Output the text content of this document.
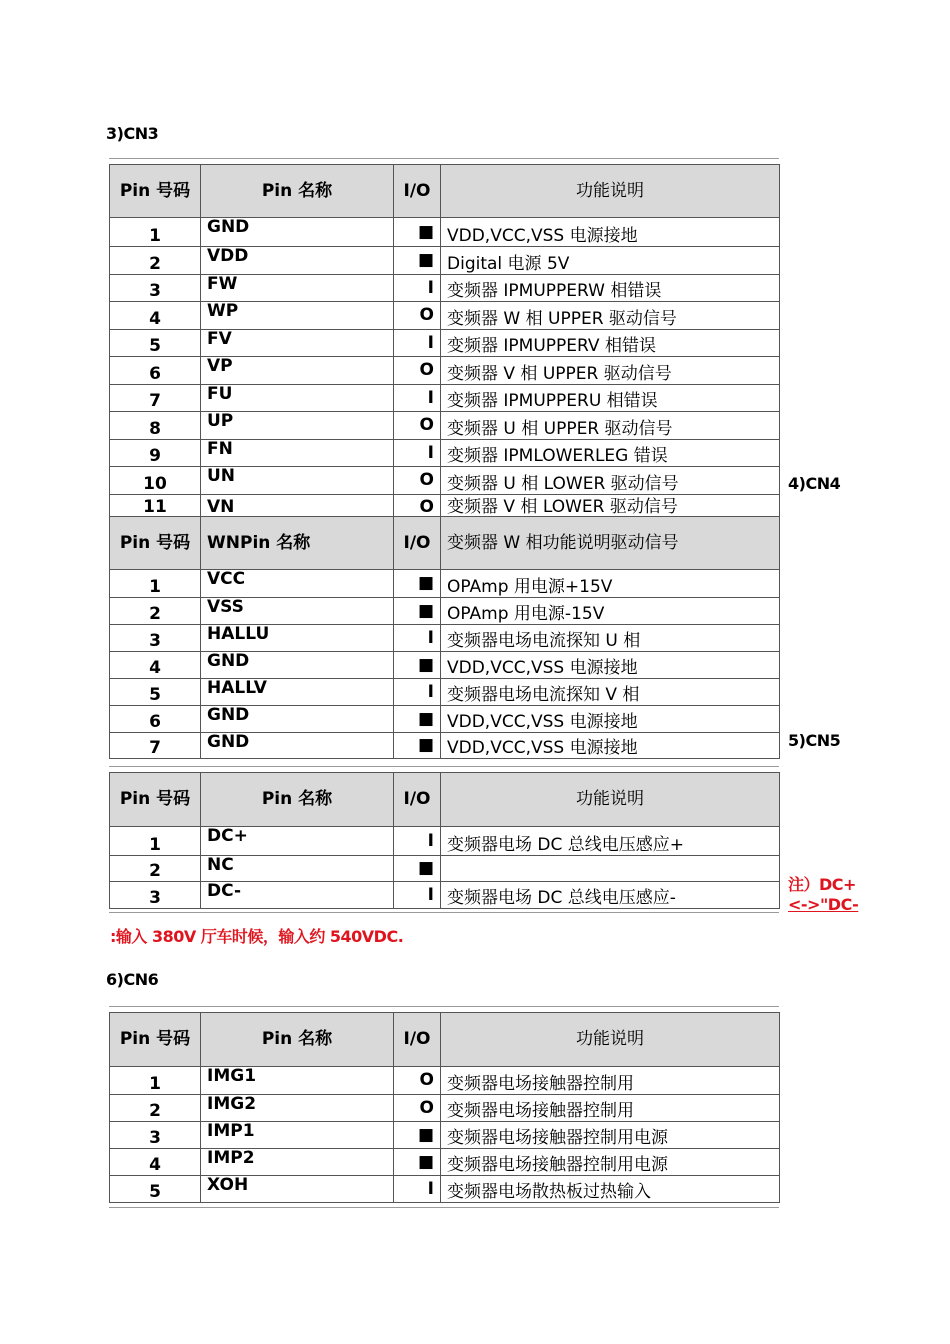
3)CN3
4)CN4
5)CN5
6)CN6
Pin 号码	Pin 名称	I/O	功能说明
1	GND	■	VDD,VCC,VSS 电源接地
2	VDD	■	Digital 电源 5V
3	FW	I	变频器 IPMUPPERW 相错误
4	WP	O	变频器 W 相 UPPER 驱动信号
5	FV	I	变频器 IPMUPPERV 相错误
6	VP	O	变频器 V 相 UPPER 驱动信号
7	FU	I	变频器 IPMUPPERU 相错误
8	UP	O	变频器 U 相 UPPER 驱动信号
9	FN	I	变频器 IPMLOWERLEG 错误
10	UN	O	变频器 U 相 LOWER 驱动信号
11	VN	O	变频器 V 相 LOWER 驱动信号
Pin 号码	WNPin 名称	I/O	变频器 W 相功能说明驱动信号
1	VCC	■	OPAmp 用电源+15V
2	VSS	■	OPAmp 用电源-15V
3	HALLU	I	变频器电场电流探知 U 相
4	GND	■	VDD,VCC,VSS 电源接地
5	HALLV	I	变频器电场电流探知 V 相
6	GND	■	VDD,VCC,VSS 电源接地
7	GND	■	VDD,VCC,VSS 电源接地
Pin 号码	Pin 名称	I/O	功能说明
1	DC+	I	变频器电场 DC 总线电压感应+
2	NC	■	
3	DC-	I	变频器电场 DC 总线电压感应-
注）DC+
<->"DC-
:输入 380V 厅车时候，输入约 540VDC.
Pin 号码	Pin 名称	I/O	功能说明
1	IMG1	O	变频器电场接触器控制用
2	IMG2	O	变频器电场接触器控制用
3	IMP1	■	变频器电场接触器控制用电源
4	IMP2	■	变频器电场接触器控制用电源
5	XOH	I	变频器电场散热板过热输入
